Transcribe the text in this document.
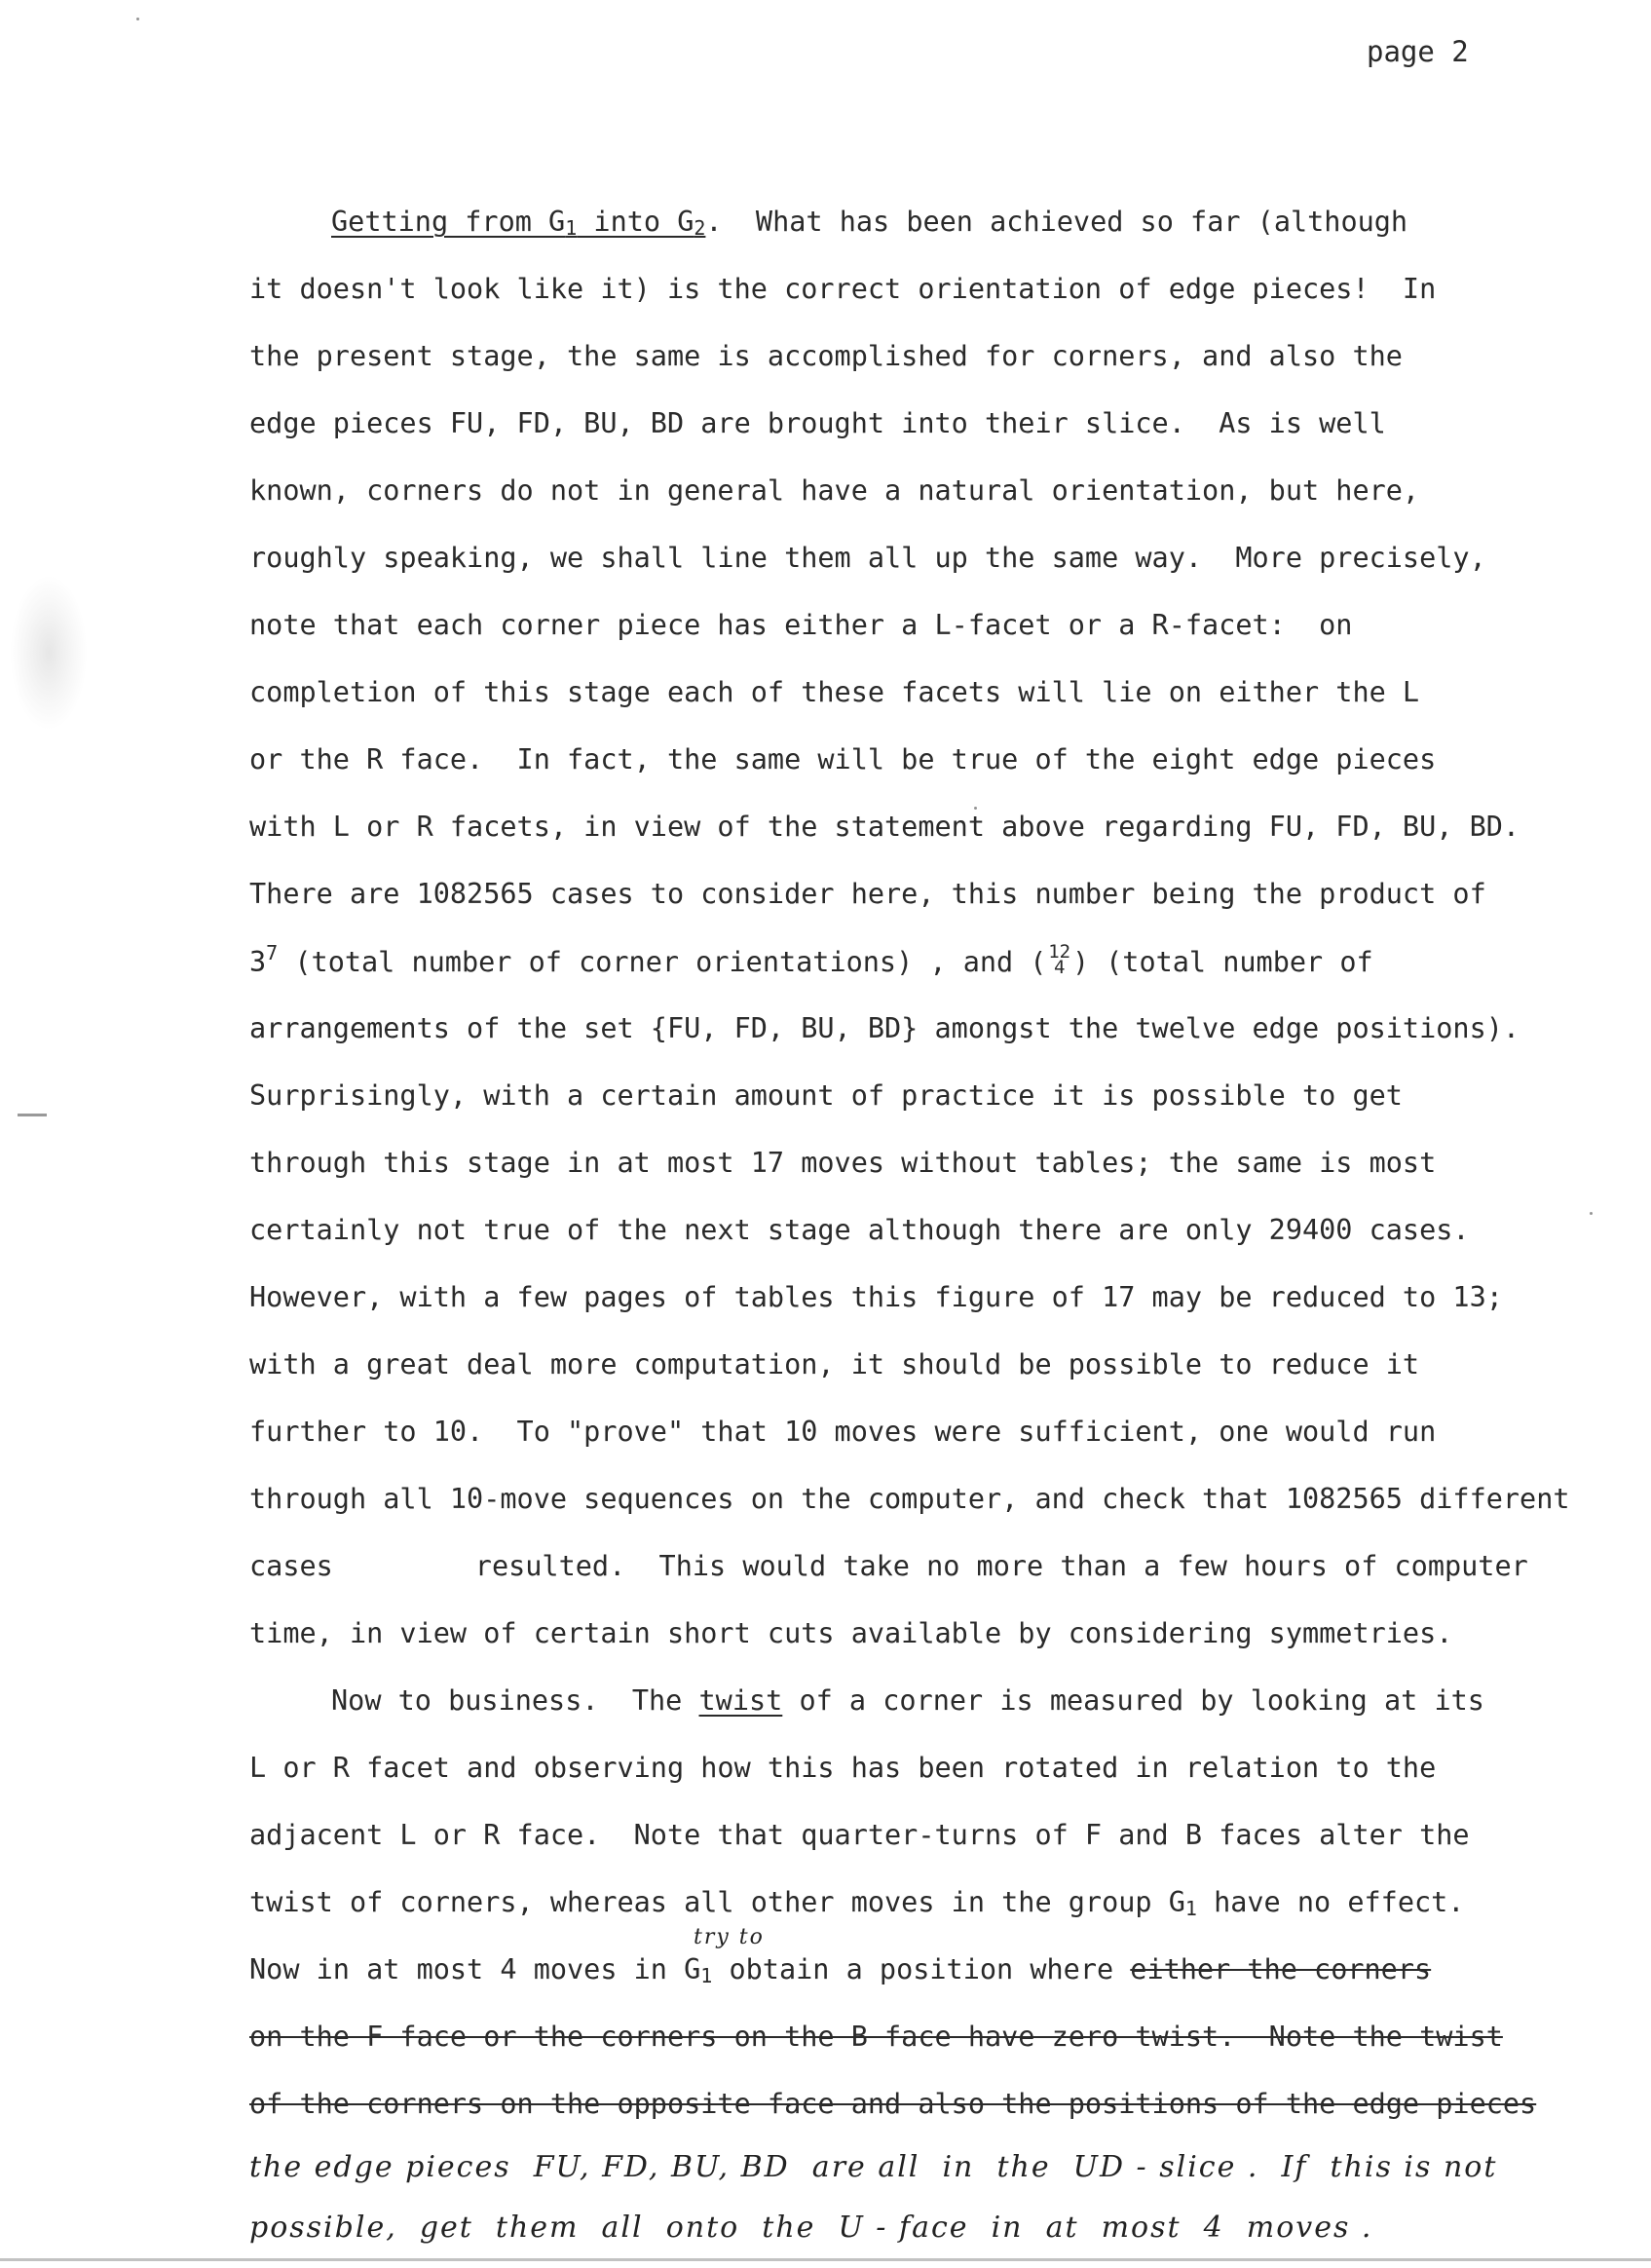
page 2
Getting from $G_1$ into $G_2$.  What has been achieved so far (although
it doesn't look like it) is the correct orientation of edge pieces!  In
the present stage, the same is accomplished for corners, and also the
edge pieces FU, FD, BU, BD are brought into their slice.  As is well
known, corners do not in general have a natural orientation, but here,
roughly speaking, we shall line them all up the same way.  More precisely,
note that each corner piece has either a L-facet or a R-facet:  on
completion of this stage each of these facets will lie on either the L
or the R face.  In fact, the same will be true of the eight edge pieces
with L or R facets, in view of the statement above regarding FU, FD, BU, BD.
There are 1082565 cases to consider here, this number being the product of
$3^7$ (total number of corner orientations) , and ( 12
4 ) (total number of
arrangements of the set {FU, FD, BU, BD} amongst the twelve edge positions).
Surprisingly, with a certain amount of practice it is possible to get
through this stage in at most 17 moves without tables; the same is most
certainly not true of the next stage although there are only 29400 cases.
However, with a few pages of tables this figure of 17 may be reduced to 13;
with a great deal more computation, it should be possible to reduce it
further to 10.  To "prove" that 10 moves were sufficient, one would run
through all 10-move sequences on the computer, and check that 1082565 different
cases	resulted.  This would take no more than a few hours of computer
time, in view of certain short cuts available by considering symmetries.
Now to business.  The twist of a corner is measured by looking at its
L or R facet and observing how this has been rotated in relation to the
adjacent L or R face.  Note that quarter-turns of F and B faces alter the
twist of corners, whereas all other moves in the group $G_1$ have no effect.
try to
Now in at most 4 moves in $G_1$ obtain a position where either the corners
on the F face or the corners on the B face have zero twist.  Note the twist
of the corners on the opposite face and also the positions of the edge pieces
the edge pieces  FU, FD, BU, BD  are all  in  the  UD - slice .  If  this is not
possible,  get  them  all  onto  the  U - face  in  at  most  4  moves .
